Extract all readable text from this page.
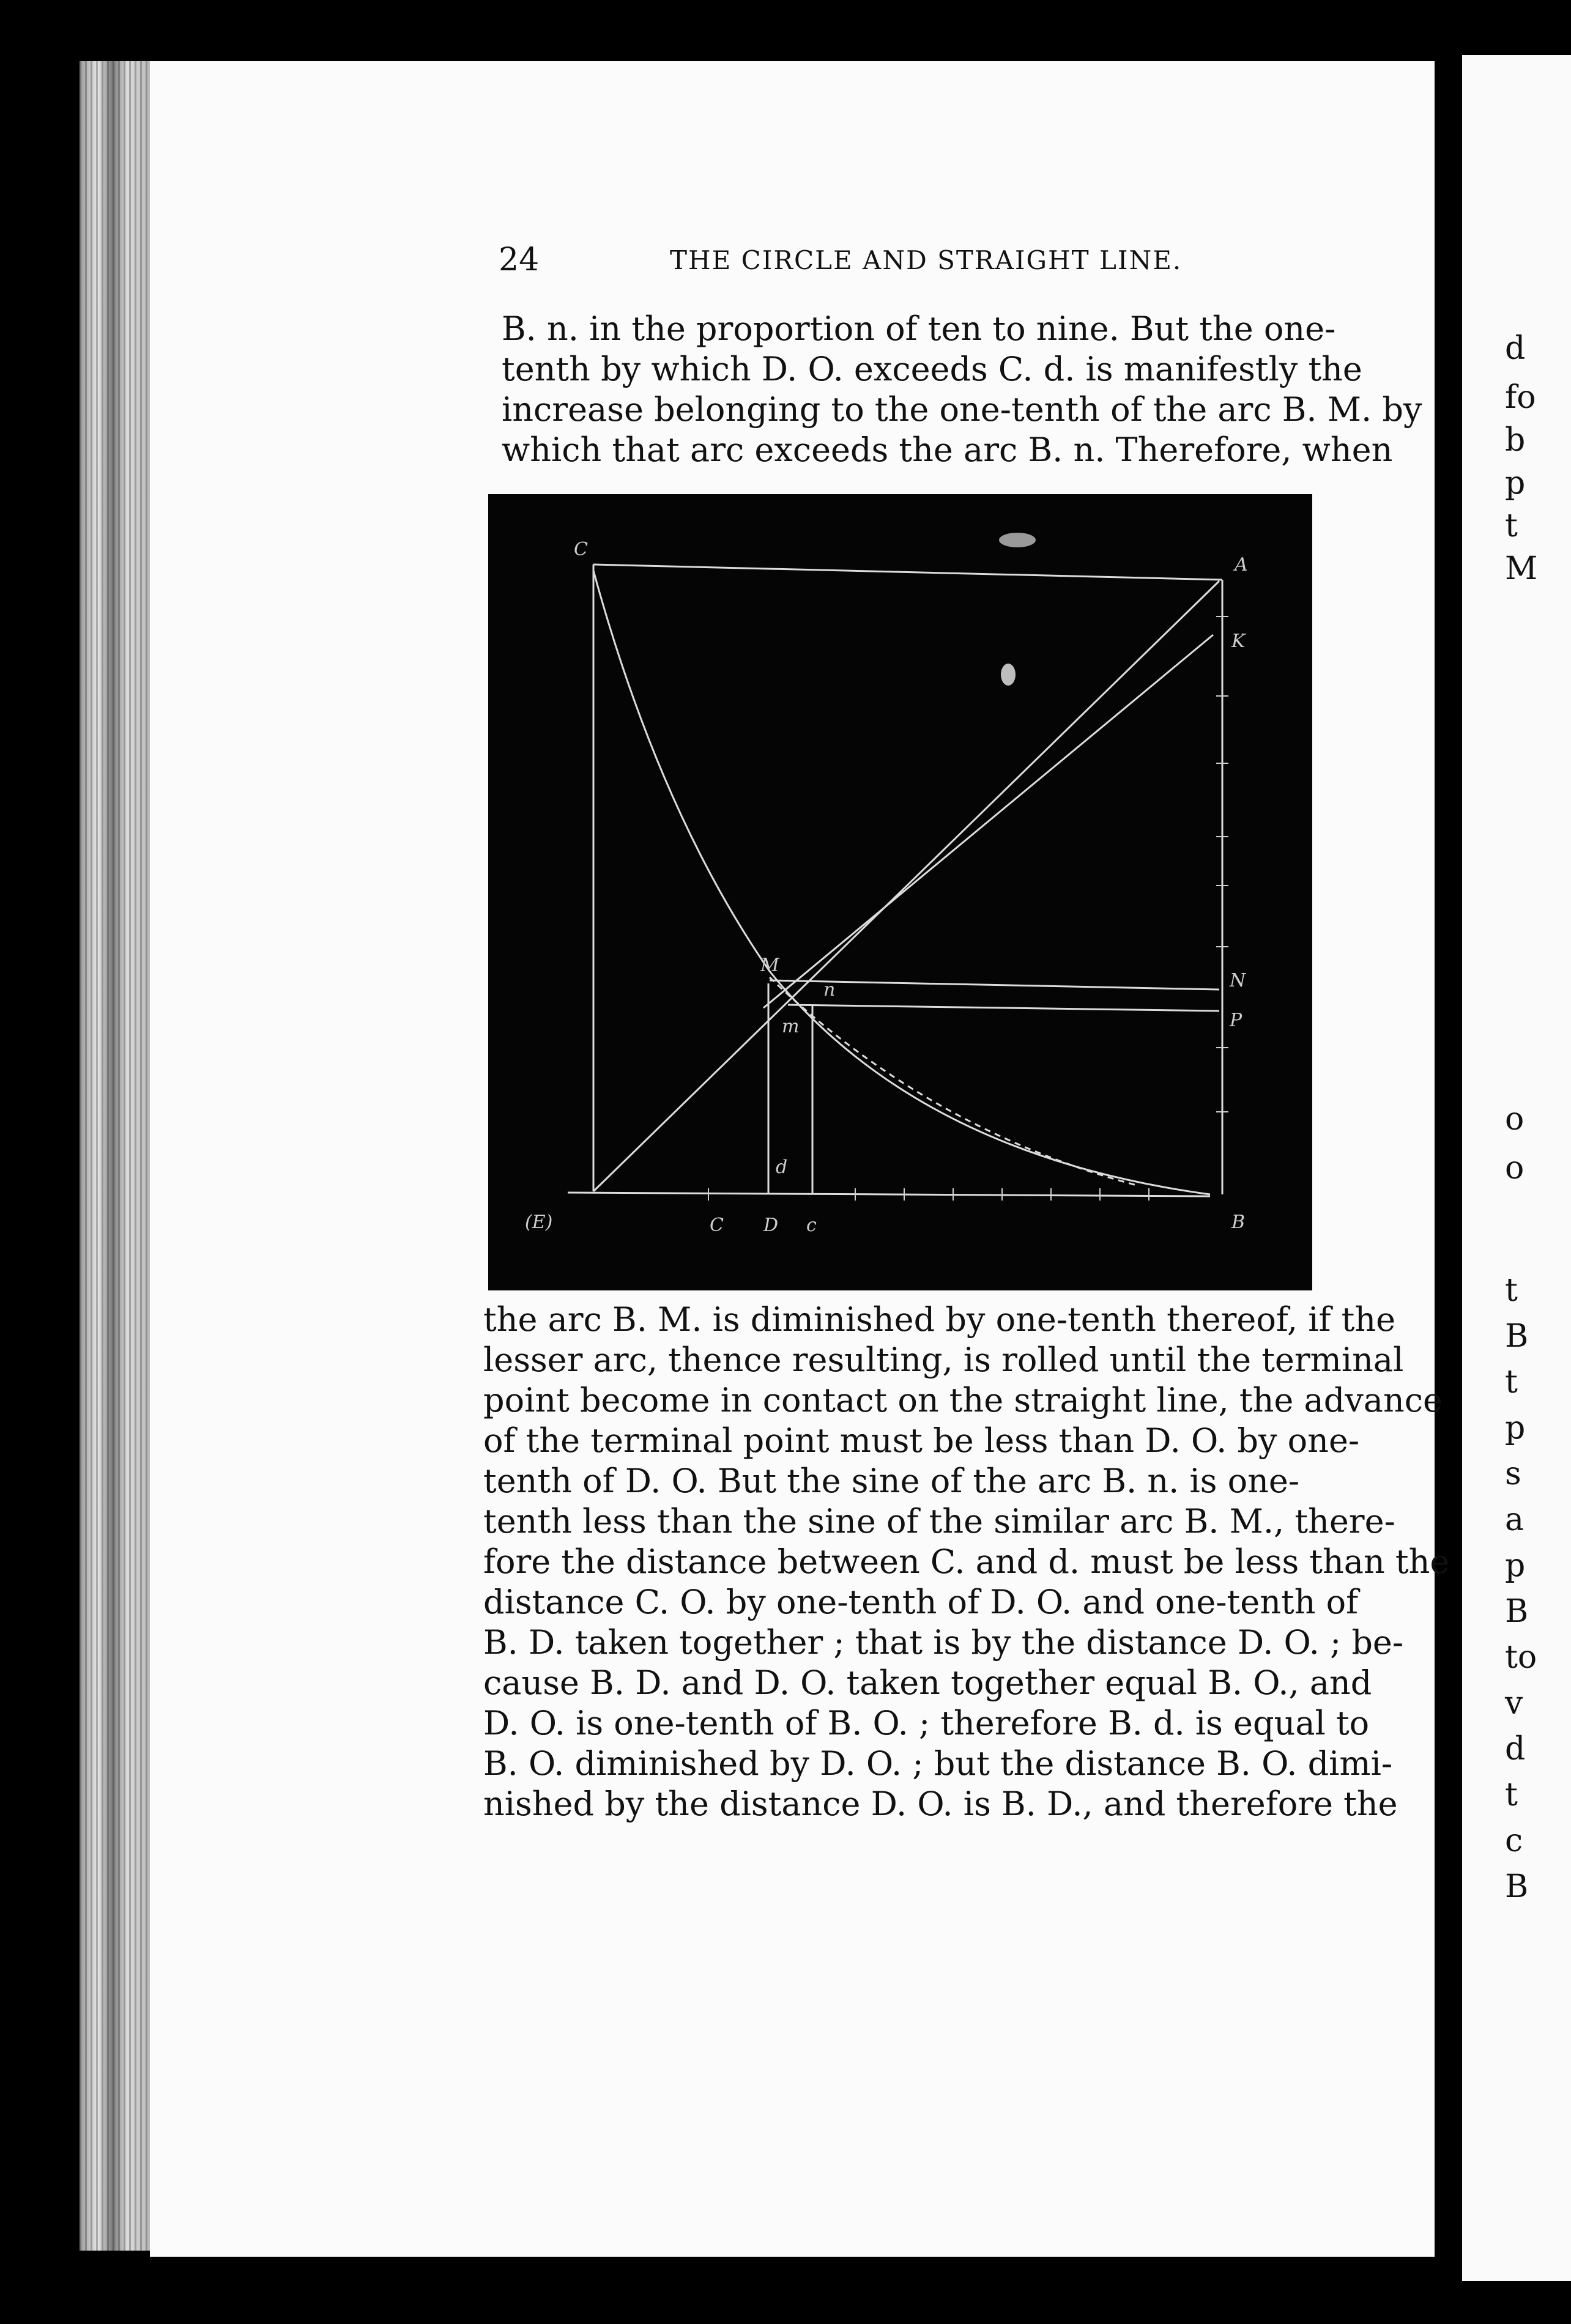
d
fo
b
p
t
M
o
o
t
B
t
p
s
a
p
B
to
v
d
t
c
B
24	THE CIRCLE AND STRAIGHT LINE.
B. n. in the proportion of ten to nine. But the one-
tenth by which D. O. exceeds C. d. is manifestly the
increase belonging to the one-tenth of the arc B. M. by
which that arc exceeds the arc B. n. Therefore, when
C
A
K
M
n
m
N
P
d
(E)	C D c	B
the arc B. M. is diminished by one-tenth thereof, if the
lesser arc, thence resulting, is rolled until the terminal
point become in contact on the straight line, the advance
of the terminal point must be less than D. O. by one-
tenth of D. O. But the sine of the arc B. n. is one-
tenth less than the sine of the similar arc B. M., there-
fore the distance between C. and d. must be less than the
distance C. O. by one-tenth of D. O. and one-tenth of
B. D. taken together ; that is by the distance D. O. ; be-
cause B. D. and D. O. taken together equal B. O., and
D. O. is one-tenth of B. O. ; therefore B. d. is equal to
B. O. diminished by D. O. ; but the distance B. O. dimi-
nished by the distance D. O. is B. D., and therefore the
